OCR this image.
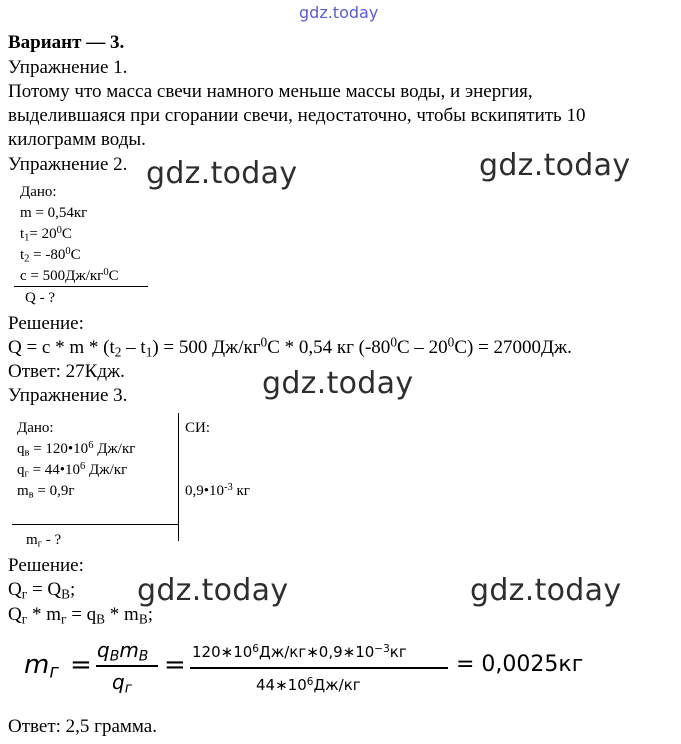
gdz.today
Вариант — 3.
Упражнение 1.
Потому что масса свечи намного меньше массы воды, и энергия,
выделившаяся при сгорании свечи, недостаточно, чтобы вскипятить 10
килограмм воды.
Упражнение 2.
Дано:
m = 0,54кг
$t_1= 20^0C$
$t_2 = -80^0C$
$c = 500Дж/кг^0C$
Q - ?
Решение:
$Q = c * m * (t_2 - t_1) = 500$ $Дж/кг^0C * 0,54$ кг $(-80^0C - 20^0C) = 27000Дж$.
Ответ: 27Кдж.
Упражнение 3.
Дано:	СИ:
$q_в$ = $120•10^6$ Дж/кг
$q_г$ = $44•10^6$ Дж/кг
$m_в = 0,9г$	$0,9•10^{-3}$ кг
$m_г$ - ?
Решение:
$Q_г = Q_B$;
$Q_г * m_г = q_B * m_B$;
$m_г = q_Bm_B$
$q_г$
= $120∗10^6Дж/кг∗0,9∗10^{-3}кг$
$44∗10^6Дж/кг$
= 0,0025кг
Ответ: 2,5 грамма.
gdz.today	gdz.today
gdz.today
gdz.today	gdz.today
